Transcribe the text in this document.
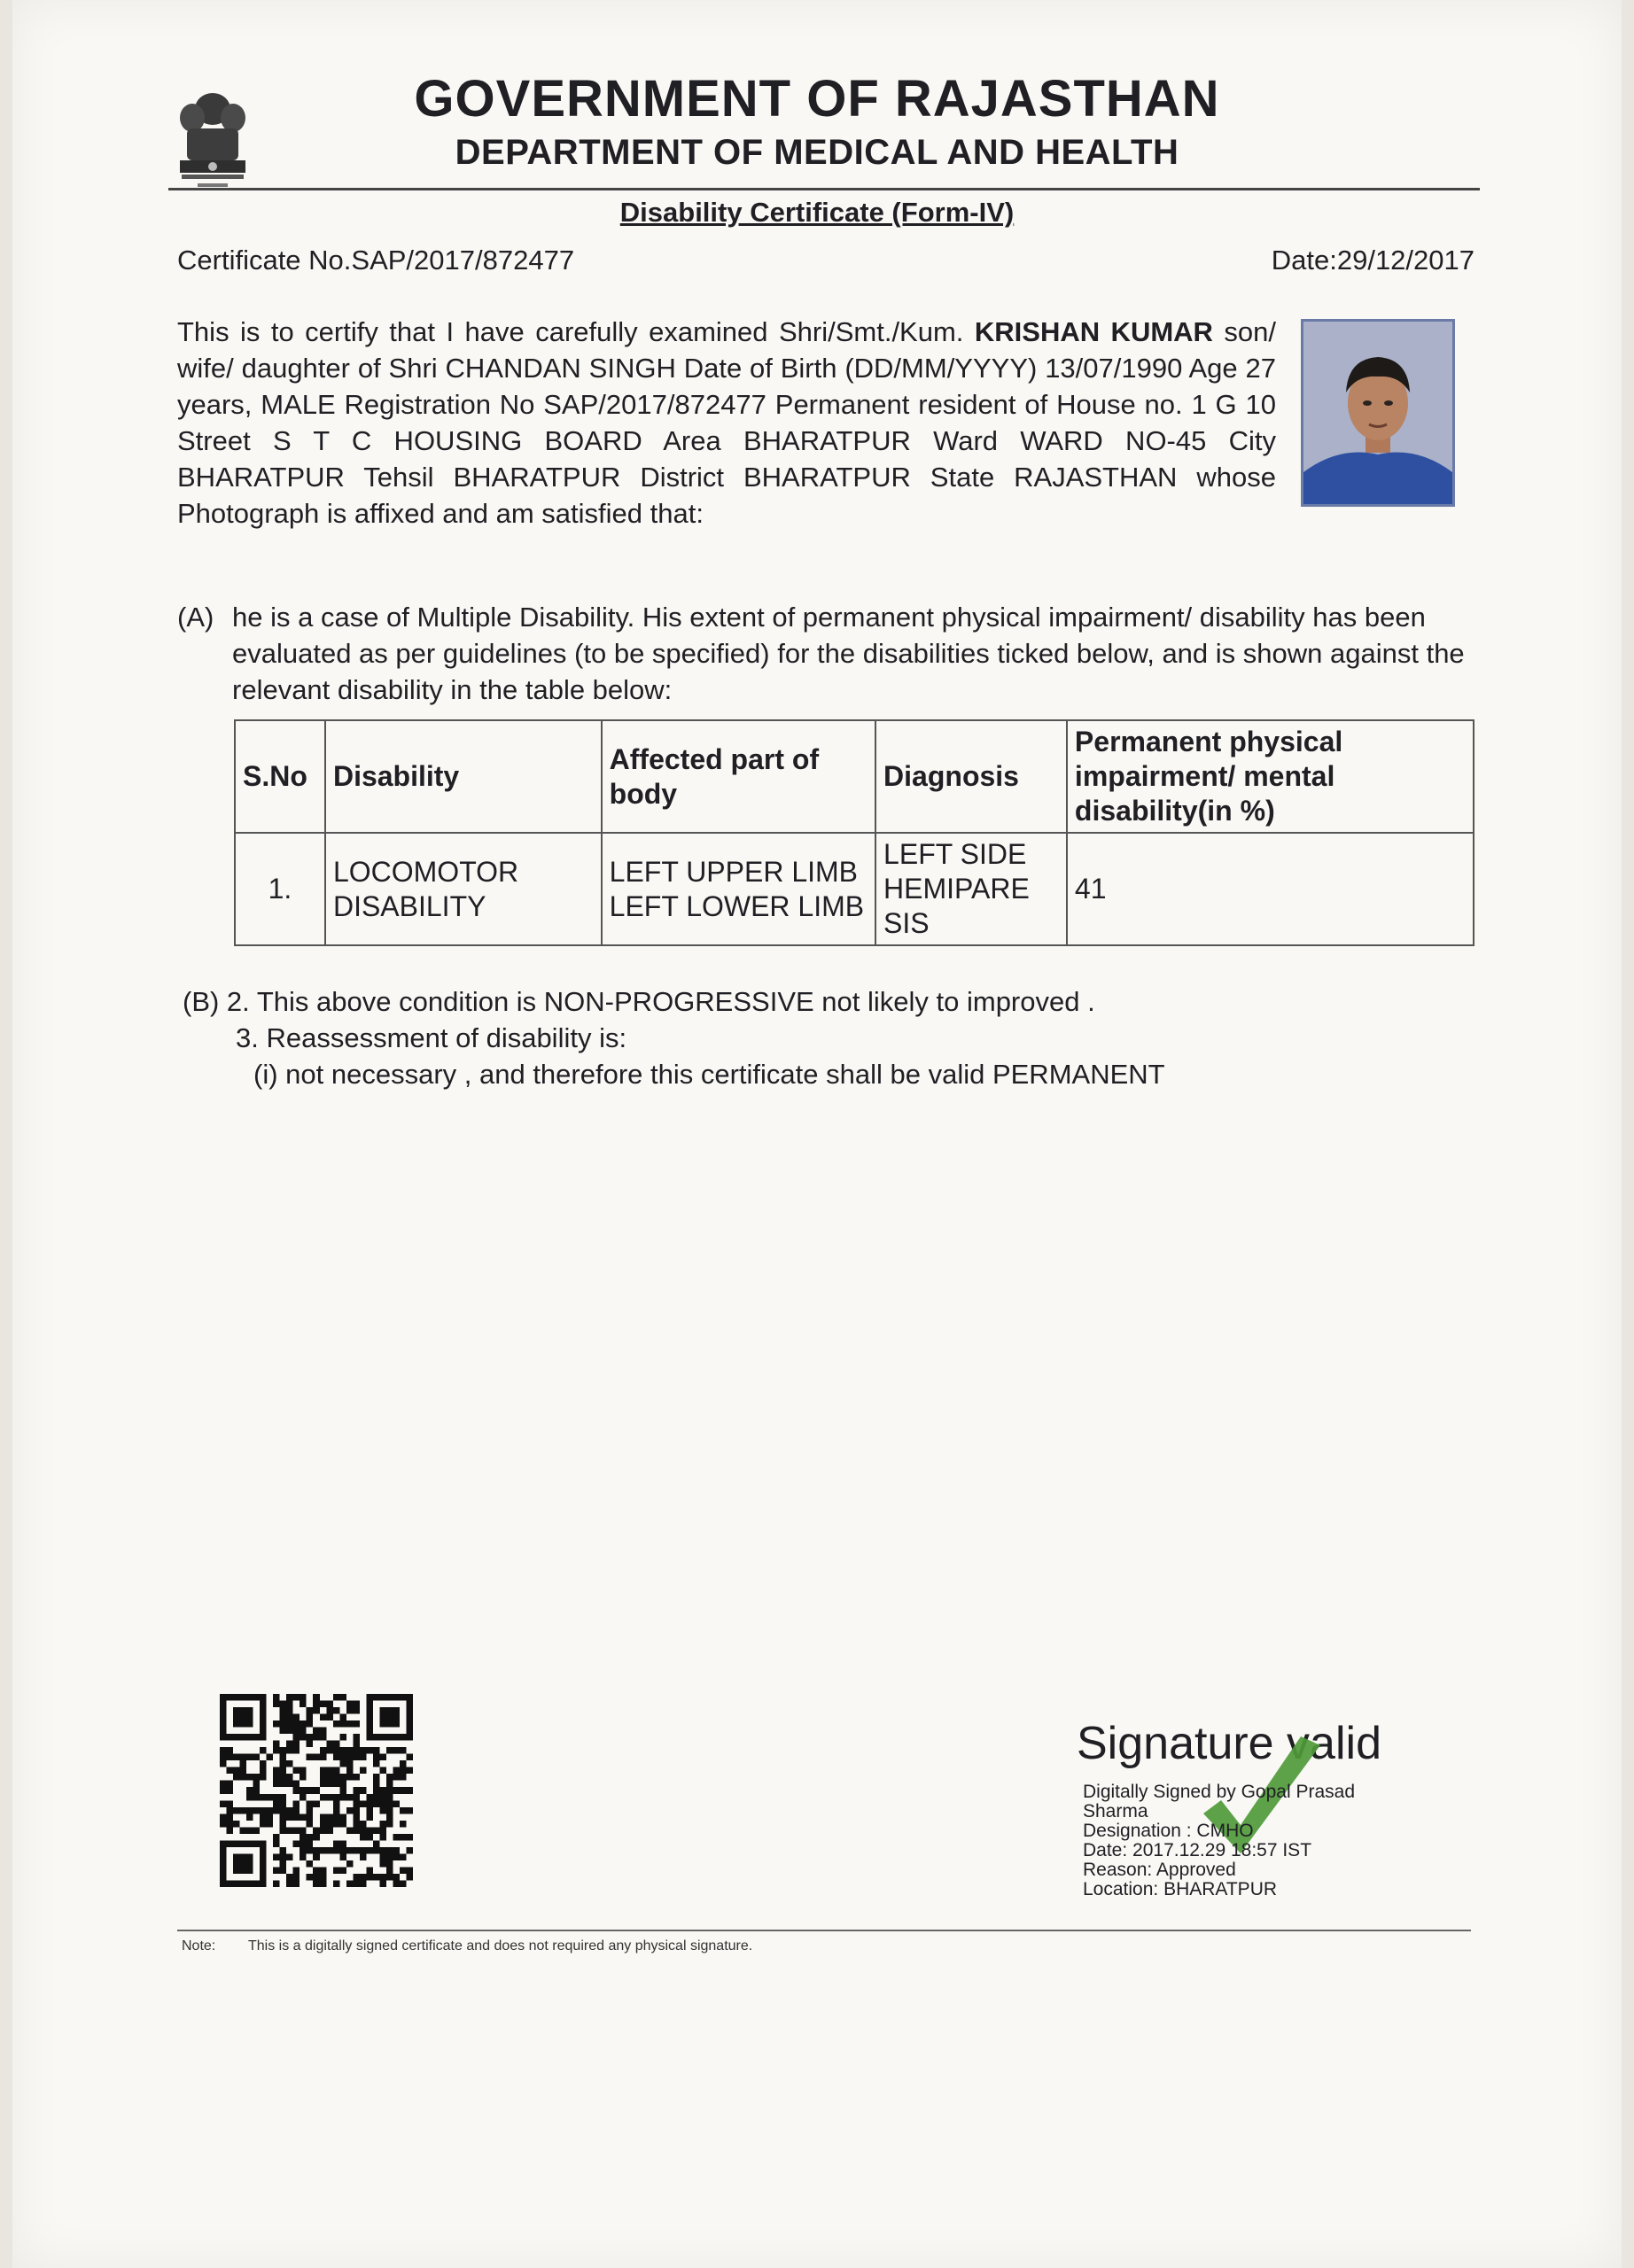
GOVERNMENT OF RAJASTHAN
DEPARTMENT OF MEDICAL AND HEALTH
Disability Certificate (Form-IV)
Certificate No.SAP/2017/872477	Date:29/12/2017
This is to certify that I have carefully examined Shri/Smt./Kum. KRISHAN KUMAR son/ wife/ daughter of Shri CHANDAN SINGH Date of Birth (DD/MM/YYYY) 13/07/1990 Age 27 years, MALE Registration No SAP/2017/872477 Permanent resident of House no. 1 G 10 Street S T C HOUSING BOARD Area BHARATPUR Ward WARD NO-45 City BHARATPUR Tehsil BHARATPUR District BHARATPUR State RAJASTHAN whose Photograph is affixed and am satisfied that:
(A) he is a case of Multiple Disability. His extent of permanent physical impairment/ disability has been evaluated as per guidelines (to be specified) for the disabilities ticked below, and is shown against the relevant disability in the table below:
S.No	Disability	Affected part of body	Diagnosis	Permanent physical impairment/ mental disability(in %)
1.	LOCOMOTOR DISABILITY	LEFT UPPER LIMB LEFT LOWER LIMB	LEFT SIDE HEMIPARE SIS	41
(B) 2. This above condition is NON-PROGRESSIVE not likely to improved .
3. Reassessment of disability is:
(i) not necessary , and therefore this certificate shall be valid PERMANENT
Signature valid
Digitally Signed by Gopal Prasad
Sharma
Designation : CMHO
Date: 2017.12.29 18:57 IST
Reason: Approved
Location: BHARATPUR
Note: This is a digitally signed certificate and does not required any physical signature.
